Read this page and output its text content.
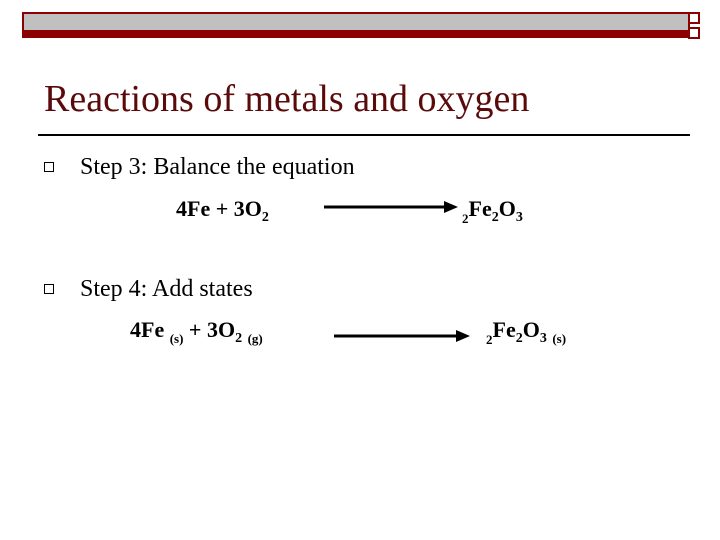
Reactions of metals and oxygen
Step 3: Balance the equation
$4Fe + 3O_2$	$_2Fe_2O_3$
Step 4: Add states
4Fe $_{(s)} + 3O_2$ $_{(g)}$	$_2Fe_2O_3$ $_{(s)}$
